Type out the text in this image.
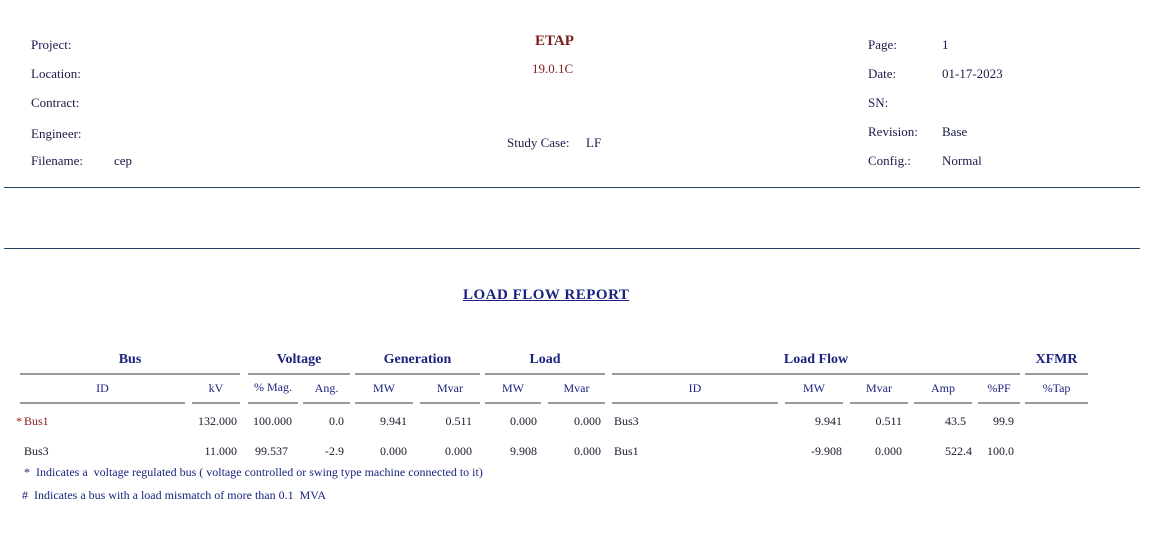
Project:
Location:
Contract:
Engineer:
Filename: cep
ETAP
19.0.1C
Study Case: LF
Page:	1
Date:	01-17-2023
SN:
Revision: Base
Config.: Normal
LOAD FLOW REPORT
Bus	Voltage	Generation	Load	Load Flow	XFMR
ID	kV	% Mag.	Ang.	MW	Mvar	MW	Mvar	ID	MW	Mvar	Amp	%PF	%Tap
* Bus1	132.000	100.000	0.0	9.941	0.511	0.000	0.000 Bus3	9.941	0.511	43.5	99.9
Bus3	11.000	99.537	-2.9	0.000	0.000	9.908	0.000 Bus1	-9.908	0.000	522.4	100.0
*  Indicates a  voltage regulated bus ( voltage controlled or swing type machine connected to it)
#  Indicates a bus with a load mismatch of more than 0.1  MVA
